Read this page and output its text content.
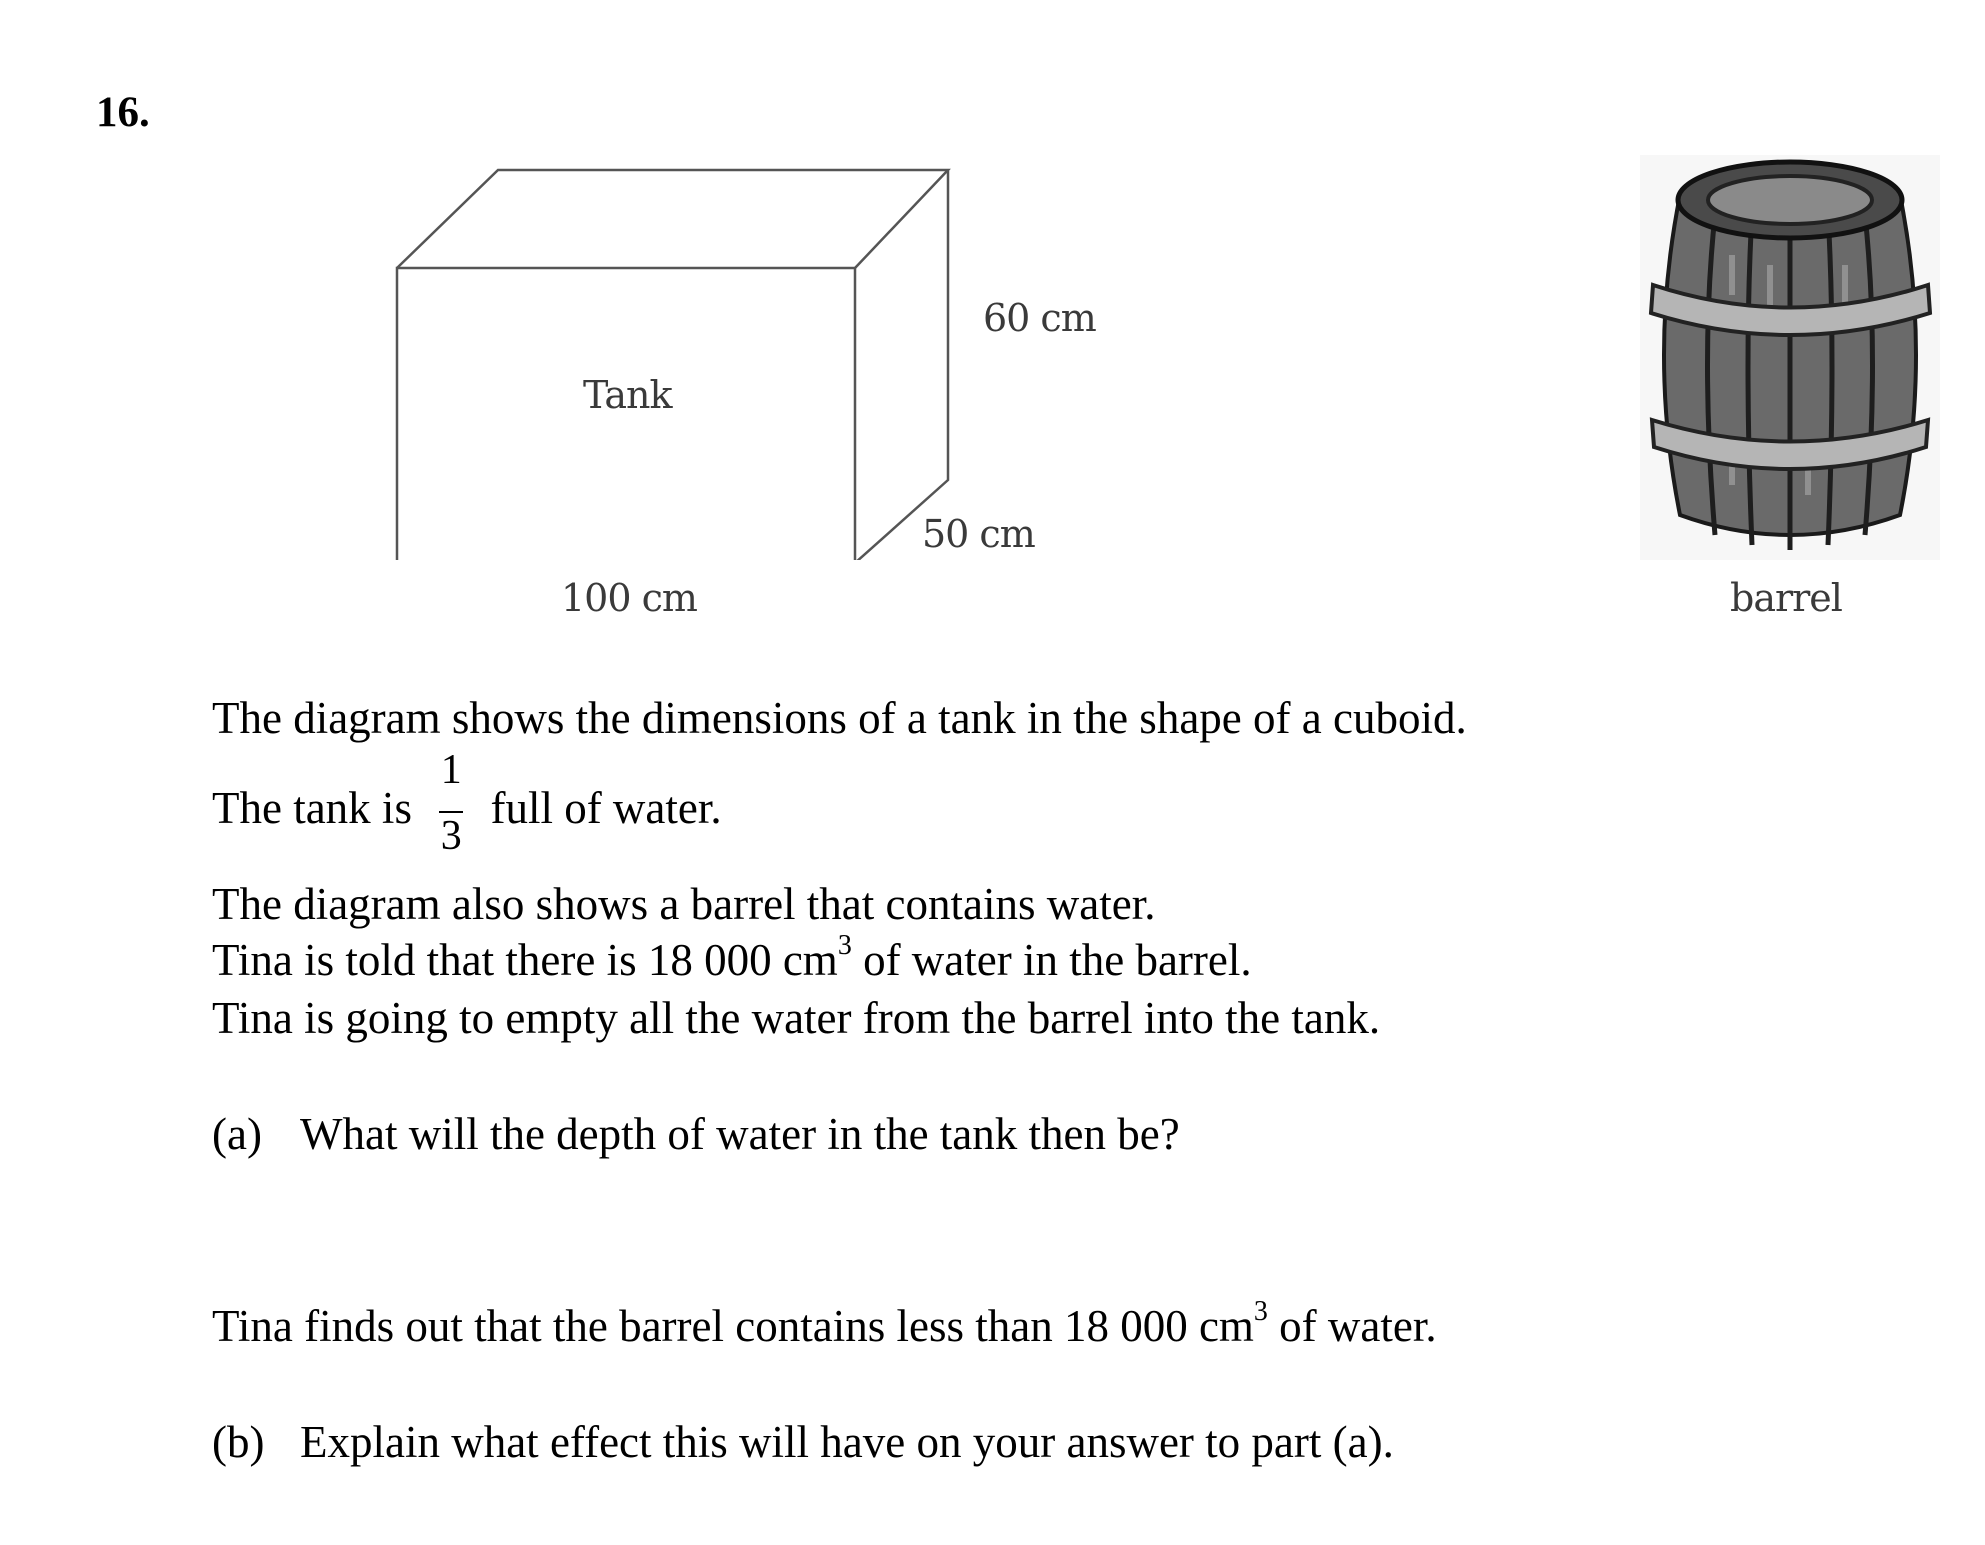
16.
Tank
60 cm
50 cm
100 cm	barrel
The diagram shows the dimensions of a tank in the shape of a cuboid.
The tank is $\frac{1}{3}$ full of water.
The diagram also shows a barrel that contains water.
Tina is told that there is 18 000 $cm^3$ of water in the barrel.
Tina is going to empty all the water from the barrel into the tank.
(a) What will the depth of water in the tank then be?
Tina finds out that the barrel contains less than 18 000 $cm^3$ of water.
(b) Explain what effect this will have on your answer to part (a).
